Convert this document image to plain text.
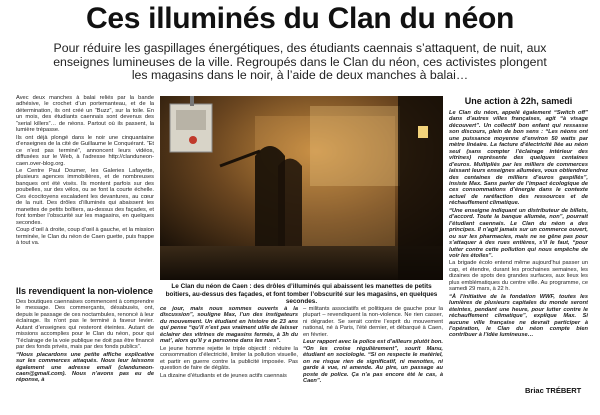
Ces illuminés du Clan du néon
Pour réduire les gaspillages énergétiques, des étudiants caennais s’attaquent, de nuit, aux enseignes lumineuses de la ville. Regroupés dans le Clan du néon, ces activistes plongent les magasins dans le noir, à l’aide de deux manches à balai…

Avec deux manches à balai reliés par la bande adhésive, le crochet d’un portemanteau, et de la détermination, ils ont créé un “Buzz”, sur la toile. En un mois, des étudiants caennais sont devenus des “serial killers”… de néons. Partout où ils passent, la lumière trépasse.

Ils ont déjà plongé dans le noir une cinquantaine d’enseignes de la cité de Guillaume le Conquérant. “Et ce n’est pas terminé”, annoncent leurs vidéos, diffusées sur le Web, à l’adresse http://clanduneon-caen.over-blog.org.

Le Centre Paul Doumer, les Galeries Lafayette, plusieurs agences immobilières, et de nombreuses banques ont été visés. Ils montent parfois sur des poubelles, sur des vélos, ou se font la courte échelle. Ces écocitoyens escaladent les devantures, au cœur de la nuit. Des drôles d’illuminés qui abaissent les manettes de petits boîtiers, au-dessus des façades, et font tomber l’obscurité sur les magasins, en quelques secondes.

Coup d’œil à droite, coup d’œil à gauche, et la mission terminée, le Clan du néon de Caen guette, puis frappe à tout va.

Ils revendiquent la non-violence

Des boutiques caennaises commencent à comprendre le message. Des commerçants, désabusés, ont, depuis le passage de ces noctambules, renoncé à leur éclairage. Ils n’ont pas le terminé à faveur levier. Autant d’enseignes qui resteront éteintes. Autant de missions accomplies pour le Clan du néon, pour qui “l’éclairage de la voie publique ne doit pas être financé par des fonds privés, mais par des fonds publics”.

“Nous placardons une petite affiche explicative sur les commerces attaqués. Nous leur laissons également une adresse email (clanduneon-caen@gmail.com). Nous n’avons pas eu de réponse, à

Le Clan du néon de Caen : des drôles d’illuminés qui abaissent les manettes de petits boîtiers, au-dessus des façades, et font tomber l’obscurité sur les magasins, en quelques secondes.

ce jour, mais nous sommes ouverts à la discussion”, souligne Max, l’un des instigateurs du mouvement. Un étudiant en histoire de 23 ans qui pense “qu’il n’est pas vraiment utile de laisser éclairer des vitrines de magasins fermés, à 3h du mat’, alors qu’il y a personne dans les rues”.

Le jeune homme rejette le triple objectif : réduire la consommation d’électricité, limiter la pollution visuelle, et partir en guerre contre la publicité imposée. Pas question de faire de dégâts.

La dizaine d’étudiants et de jeunes actifs caennais

– militants associatifs et politiques de gauche pour la plupart – revendiquent la non-violence. Ne rien casser, ni dégrader. Se serait contre l’esprit du mouvement national, né à Paris, l’été dernier, et débarqué à Caen, en février.

Leur rapport avec la police est d’ailleurs plutôt bon. “On les croise régulièrement”, sourit Manu, étudiant en sociologie. “Si on respecte le matériel, on ne risque rien de significatif, ni menottes, ni garde à vue, ni amende. Au pire, un passage au poste de police. Ça n’a pas encore été le cas, à Caen”.

Une action à 22h, samedi

Le Clan du néon, appelé également “Switch off” dans d’autres villes françaises, agit “à visage découvert”. Un collectif bon enfant qui ressasse son discours, plein de bon sens : “Les néons ont une puissance moyenne d’environ 50 watts par mètre linéaire. La facture d’électricité liée au néon seul (sans compter l’éclairage intérieur des vitrines) représente des quelques centaines d’euros. Multipliés par les milliers de commerces laissant leurs enseignes allumées, vous obtiendrez des centaines de milliers d’euros gaspillés”, insiste Max. Sans parler de l’impact écologique de ces consommations d’énergie dans le contexte actuel de raréfaction des ressources et de réchauffement climatique.

“Une enseigne indiquant un distributeur de billets, d’accord. Toute la banque allumée, non”, pourrait l’étudiant caennais. Le Clan du néon a des principes. Il n’agit jamais sur un commerce ouvert, ou sur les pharmacies, mais ne se gêne pas pour s’attaquer à des rues entières, s’il le faut, “pour lutter contre cette pollution qui nous empêche de voir les étoiles”.

La brigade écolo entend même aujourd’hui passer un cap, et étendre, durant les prochaines semaines, les dizaines de spots des grandes surfaces, aux lieux les plus emblématiques du centre ville. Au programme, ce samedi 29 mars, à 22 h.

“À l’initiative de la fondation WWF, toutes les lumières de plusieurs capitales du monde seront éteintes, pendant une heure, pour lutter contre le réchauffement climatique”, explique Max. Si aucune ville française ne devrait participer à l’opération, le Clan du néon compte bien contribuer à l’idée lumineuse…

Briac TRÉBERT
